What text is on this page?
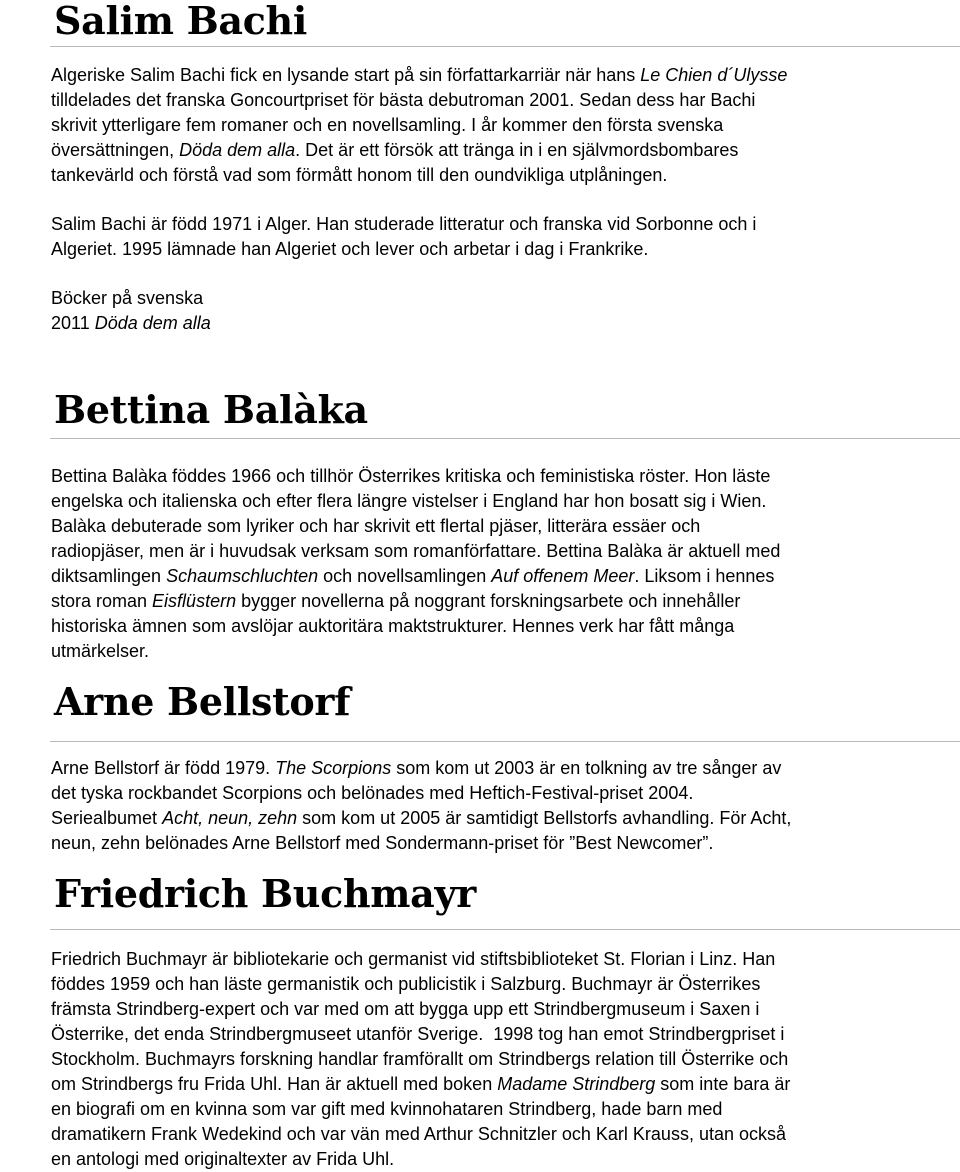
Salim Bachi
Algeriske Salim Bachi fick en lysande start på sin författarkarriär när hans Le Chien d´Ulysse
tilldelades det franska Goncourtpriset för bästa debutroman 2001. Sedan dess har Bachi
skrivit ytterligare fem romaner och en novellsamling. I år kommer den första svenska
översättningen, Döda dem alla. Det är ett försök att tränga in i en självmordsbombares
tankevärld och förstå vad som förmått honom till den oundvikliga utplåningen.
Salim Bachi är född 1971 i Alger. Han studerade litteratur och franska vid Sorbonne och i
Algeriet. 1995 lämnade han Algeriet och lever och arbetar i dag i Frankrike.
Böcker på svenska
2011 Döda dem alla
Bettina Balàka
Bettina Balàka föddes 1966 och tillhör Österrikes kritiska och feministiska röster. Hon läste
engelska och italienska och efter flera längre vistelser i England har hon bosatt sig i Wien.
Balàka debuterade som lyriker och har skrivit ett flertal pjäser, litterära essäer och
radiopjäser, men är i huvudsak verksam som romanförfattare. Bettina Balàka är aktuell med
diktsamlingen Schaumschluchten och novellsamlingen Auf offenem Meer. Liksom i hennes
stora roman Eisflüstern bygger novellerna på noggrant forskningsarbete och innehåller
historiska ämnen som avslöjar auktoritära maktstrukturer. Hennes verk har fått många
utmärkelser.
Arne Bellstorf
Arne Bellstorf är född 1979. The Scorpions som kom ut 2003 är en tolkning av tre sånger av
det tyska rockbandet Scorpions och belönades med Heftich-Festival-priset 2004.
Seriealbumet Acht, neun, zehn som kom ut 2005 är samtidigt Bellstorfs avhandling. För Acht,
neun, zehn belönades Arne Bellstorf med Sondermann-priset för ”Best Newcomer”.
Friedrich Buchmayr
Friedrich Buchmayr är bibliotekarie och germanist vid stiftsbiblioteket St. Florian i Linz. Han
föddes 1959 och han läste germanistik och publicistik i Salzburg. Buchmayr är Österrikes
främsta Strindberg-expert och var med om att bygga upp ett Strindbergmuseum i Saxen i
Österrike, det enda Strindbergmuseet utanför Sverige.  1998 tog han emot Strindbergpriset i
Stockholm. Buchmayrs forskning handlar framförallt om Strindbergs relation till Österrike och
om Strindbergs fru Frida Uhl. Han är aktuell med boken Madame Strindberg som inte bara är
en biografi om en kvinna som var gift med kvinnohataren Strindberg, hade barn med
dramatikern Frank Wedekind och var vän med Arthur Schnitzler och Karl Krauss, utan också
en antologi med originaltexter av Frida Uhl.
